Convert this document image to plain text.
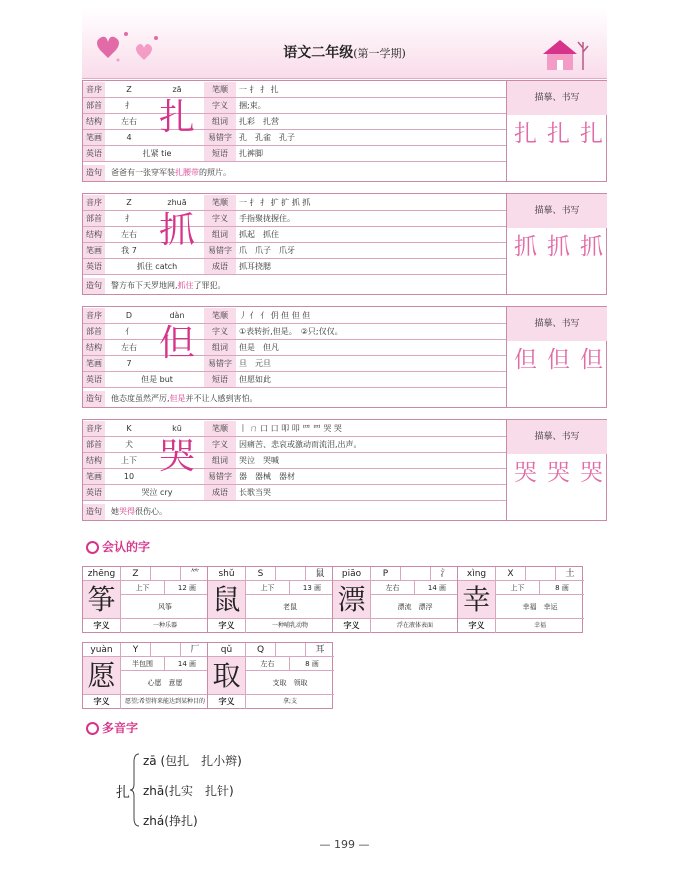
语文二年级(第一学期)
音序	Z	zā	笔顺	一 扌 扌 扎
部首	扌	字义	捆;束。
结构	左右	组词	扎彩　扎营
笔画	4	易错字 孔　孔雀　孔子
英语	扎紧 tie	短语	扎裤脚
扎
造句	爸爸有一张穿军装扎腰带的照片。
描摹、书写
扎 扎 扎
音序	Z	zhuā	笔顺	一 扌 扌 扩 扩 抓 抓
部首	扌	字义	手指聚拢握住。
结构	左右	组词	抓起　抓住
笔画	我 7	易错字 爪　爪子　爪牙
英语	抓住 catch	成语	抓耳挠腮
抓
造句	警方布下天罗地网,抓住了罪犯。
描摹、书写
抓 抓 抓
音序	D	dàn	笔顺	丿 亻 亻 仴 但 但 但
部首	亻	字义	①表转折,但是。　②只;仅仅。
结构	左右	组词	但是　但凡
笔画	7	易错字 旦　元旦
英语	但是 but	短语	但愿如此
但
造句	他态度虽然严厉,但是并不让人感到害怕。
描摹、书写
但 但 但
音序	K	kū	笔顺	丨 ㄇ 口 口 叩 叩 罒 罒 哭 哭
部首	犬	字义	因痛苦、悲哀或激动而流泪,出声。
结构	上下	组词	哭泣　哭喊
笔画	10	易错字 器　器械　器材
英语	哭泣 cry	成语	长歌当哭
哭
造句	她哭得很伤心。
描摹、书写
哭 哭 哭
会认的字
zhēng	Z	⺮
筝	上下	12 画
风筝
字义	一种乐器
shǔ	S	鼠
鼠	上下	13 画
老鼠
字义	一种哺乳动物
piāo	P	氵
漂	左右	14 画
漂流　漂浮
字义	浮在液体表面
xìng	X	土
幸	上下	8 画
幸福　幸运
字义	幸福
yuàn	Y	厂
愿	半包围	14 画
心愿　意愿
字义	愿望;希望将来能达到某种目的
qǔ	Q	耳
取	左右	8 画
支取　领取
字义	拿;支
多音字
扎
zā (包扎　扎小辫)
zhā(扎实　扎针)
zhá(挣扎)
— 199 —
